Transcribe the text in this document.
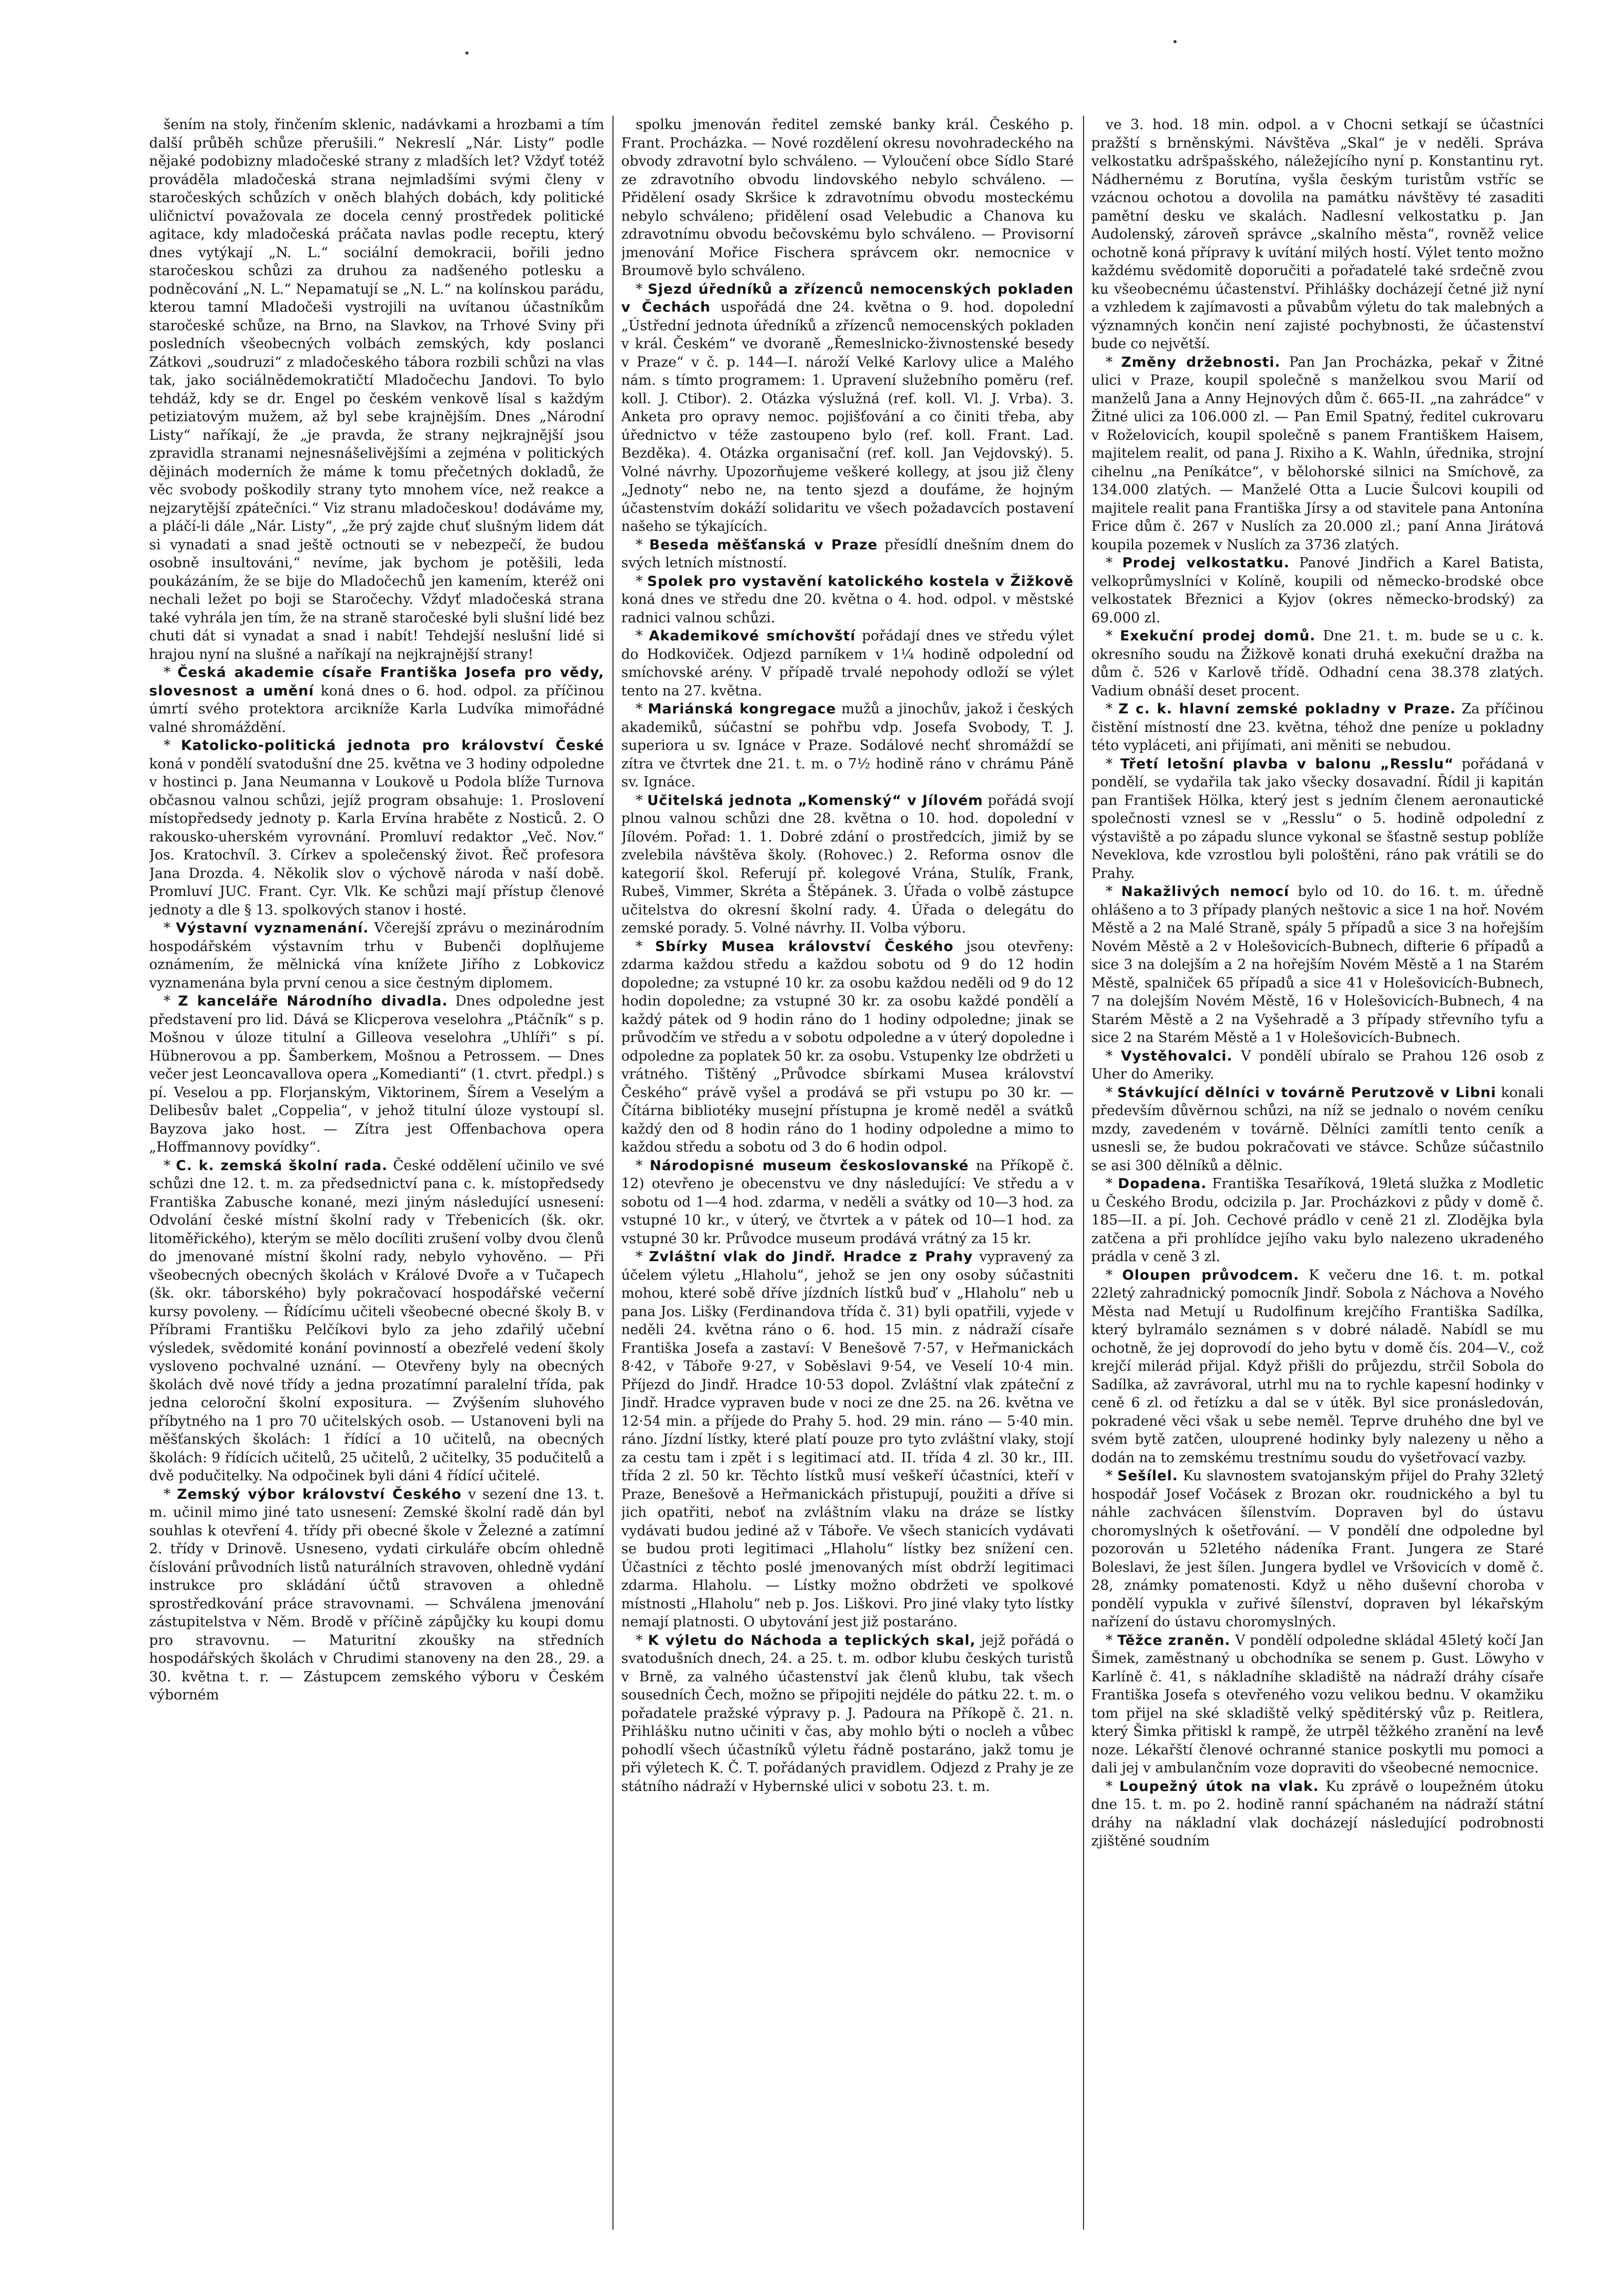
šením na stoly, řinčením sklenic, nadávkami a hrozbami a tím další průběh schůze přerušili.“ Nekreslí „Nár. Listy“ podle nějaké podobizny mladočeské strany z mladších let? Vždyť totéž prováděla mladočeská strana nejmladšími svými členy v staročeských schůzích v oněch blahých dobách, kdy politické uličnictví považovala ze docela cenný prostředek politické agitace, kdy mladočeská práčata navlas podle receptu, který dnes vytýkají „N. L.“ sociální demokracii, bořili jedno staročeskou schůzi za druhou za nadšeného potlesku a podněcování „N. L.“ Nepamatují se „N. L.“ na kolínskou parádu, kterou tamní Mladočeši vystrojili na uvítanou účastníkům staročeské schůze, na Brno, na Slavkov, na Trhové Sviny při posledních všeobecných volbách zemských, kdy poslanci Zátkovi „soudruzi“ z mladočeského tábora rozbili schůzi na vlas tak, jako sociálnědemokratičtí Mladočechu Jandovi. To bylo tehdáž, kdy se dr. Engel po českém venkově lísal s každým petiziatovým mužem, až byl sebe krajnějším. Dnes „Národní Listy“ naříkají, že „je pravda, že strany nejkrajnější jsou zpravidla stranami nejnesnášelivějšími a zejména v politických dějinách moderních že máme k tomu přečetných dokladů, že věc svobody poškodily strany tyto mnohem více, než reakce a nejzarytější zpátečníci.“ Viz stranu mladočeskou! dodáváme my, a pláčí-li dále „Nár. Listy“, „že prý zajde chuť slušným lidem dát si vynadati a snad ještě octnouti se v nebezpečí, že budou osobně insultováni,“ nevíme, jak bychom je potěšili, leda poukázáním, že se bije do Mladočechů jen kamením, kteréž oni nechali ležet po boji se Staročechy. Vždyť mladočeská strana také vyhrála jen tím, že na straně staročeské byli slušní lidé bez chuti dát si vynadat a snad i nabít! Tehdejší neslušní lidé si hrajou nyní na slušné a naříkají na nejkrajnější strany!

* Česká akademie císaře Františka Josefa pro vědy, slovesnost a umění koná dnes o 6. hod. odpol. za příčinou úmrtí svého protektora arcikníže Karla Ludvíka mimořádné valné shromáždění.

* Katolicko-politická jednota pro království České koná v pondělí svatodušní dne 25. května ve 3 hodiny odpoledne v hostinci p. Jana Neumanna v Loukově u Podola blíže Turnova občasnou valnou schůzi, jejíž program obsahuje: 1. Proslovení místopředsedy jednoty p. Karla Ervína hraběte z Nosticů. 2. O rakousko-uherském vyrovnání. Promluví redaktor „Več. Nov.“ Jos. Kratochvíl. 3. Církev a společenský život. Řeč profesora Jana Drozda. 4. Několik slov o výchově národa v naší době. Promluví JUC. Frant. Cyr. Vlk. Ke schůzi mají přístup členové jednoty a dle § 13. spolkových stanov i hosté.

* Výstavní vyznamenání. Včerejší zprávu o mezinárodním hospodářském výstavním trhu v Bubenči doplňujeme oznámením, že mělnická vína knížete Jiřího z Lobkovicz vyznamenána byla první cenou a sice čestným diplomem.

* Z kanceláře Národního divadla. Dnes odpoledne jest představení pro lid. Dává se Klicperova veselohra „Ptáčník“ s p. Mošnou v úloze titulní a Gilleova veselohra „Uhlíři“ s pí. Hübnerovou a pp. Šamberkem, Mošnou a Petrossem. — Dnes večer jest Leoncavallova opera „Komedianti“ (1. ctvrt. předpl.) s pí. Veselou a pp. Florjanským, Viktorinem, Šírem a Veselým a Delibesův balet „Coppelia“, v jehož titulní úloze vystoupí sl. Bayzova jako host. — Zítra jest Offenbachova opera „Hoffmannovy povídky“.

* C. k. zemská školní rada. České oddělení učinilo ve své schůzi dne 12. t. m. za předsednictví pana c. k. místopředsedy Františka Zabusche konané, mezi jiným následující usnesení: Odvolání české místní školní rady v Třebenicích (šk. okr. litoměřického), kterým se mělo docíliti zrušení volby dvou členů do jmenované místní školní rady, nebylo vyhověno. — Při všeobecných obecných školách v Králové Dvoře a v Tučapech (šk. okr. táborského) byly pokračovací hospodářské večerní kursy povoleny. — Řídícímu učiteli všeobecné obecné školy B. v Příbrami Františku Pelčíkovi bylo za jeho zdařilý učební výsledek, svědomité konání povinností a obezřelé vedení školy vysloveno pochvalné uznání. — Otevřeny byly na obecných školách dvě nové třídy a jedna prozatímní paralelní třída, pak jedna celoroční školní expositura. — Zvýšením sluhového příbytného na 1 pro 70 učitelských osob. — Ustanoveni byli na měšťanských školách: 1 řídící a 10 učitelů, na obecných školách: 9 řídících učitelů, 25 učitelů, 2 učitelky, 35 podučitelů a dvě podučitelky. Na odpočinek byli dáni 4 řídící učitelé.

* Zemský výbor království Českého v sezení dne 13. t. m. učinil mimo jiné tato usnesení: Zemské školní radě dán byl souhlas k otevření 4. třídy při obecné škole v Železné a zatímní 2. třídy v Drinově. Usneseno, vydati cirkuláře obcím ohledně číslování průvodních listů naturálních stravoven, ohledně vydání instrukce pro skládání účtů stravoven a ohledně sprostředkování práce stravovnami. — Schválena jmenování zástupitelstva v Něm. Brodě v příčině zápůjčky ku koupi domu pro stravovnu. — Maturitní zkoušky na středních hospodářských školách v Chrudimi stanoveny na den 28., 29. a 30. května t. r. — Zástupcem zemského výboru v Českém výborném

spolku jmenován ředitel zemské banky král. Českého p. Frant. Procházka. — Nové rozdělení okresu novohradeckého na obvody zdravotní bylo schváleno. — Vyloučení obce Sídlo Staré ze zdravotního obvodu lindovského nebylo schváleno. — Přidělení osady Skršice k zdravotnímu obvodu mosteckému nebylo schváleno; přidělení osad Velebudic a Chanova ku zdravotnímu obvodu bečovskému bylo schváleno. — Provisorní jmenování Mořice Fischera správcem okr. nemocnice v Broumově bylo schváleno.

* Sjezd úředníků a zřízenců nemocenských pokladen v Čechách uspořádá dne 24. května o 9. hod. dopolední „Ústřední jednota úředníků a zřízenců nemocenských pokladen v král. Českém“ ve dvoraně „Řemeslnicko-živnostenské besedy v Praze“ v č. p. 144—I. nároží Velké Karlovy ulice a Malého nám. s tímto programem: 1. Upravení služebního poměru (ref. koll. J. Ctibor). 2. Otázka výslužná (ref. koll. Vl. J. Vrba). 3. Anketa pro opravy nemoc. pojišťování a co činiti třeba, aby úřednictvo v téže zastoupeno bylo (ref. koll. Frant. Lad. Bezděka). 4. Otázka organisační (ref. koll. Jan Vejdovský). 5. Volné návrhy. Upozorňujeme veškeré kollegy, at jsou již členy „Jednoty“ nebo ne, na tento sjezd a doufáme, že hojným účastenstvím dokáží solidaritu ve všech požadavcích postavení našeho se týkajících.

* Beseda měšťanská v Praze přesídlí dnešním dnem do svých letních místností.

* Spolek pro vystavění katolického kostela v Žižkově koná dnes ve středu dne 20. května o 4. hod. odpol. v městské radnici valnou schůzi.

* Akademikové smíchovští pořádají dnes ve středu výlet do Hodkoviček. Odjezd parníkem v 1¼ hodině odpolední od smíchovské arény. V případě trvalé nepohody odloží se výlet tento na 27. května.

* Mariánská kongregace mužů a jinochův, jakož i českých akademiků, súčastní se pohřbu vdp. Josefa Svobody, T. J. superiora u sv. Ignáce v Praze. Sodálové nechť shromáždí se zítra ve čtvrtek dne 21. t. m. o 7½ hodině ráno v chrámu Páně sv. Ignáce.

* Učitelská jednota „Komenský“ v Jílovém pořádá svojí plnou valnou schůzi dne 28. května o 10. hod. dopolední v Jílovém. Pořad: 1. 1. Dobré zdání o prostředcích, jimiž by se zvelebila návštěva školy. (Rohovec.) 2. Reforma osnov dle kategorií škol. Referují př. kolegové Vrána, Stulík, Frank, Rubeš, Vimmer, Skréta a Štěpánek. 3. Úřada o volbě zástupce učitelstva do okresní školní rady. 4. Úřada o delegátu do zemské porady. 5. Volné návrhy. II. Volba výboru.

* Sbírky Musea království Českého jsou otevřeny: zdarma každou středu a každou sobotu od 9 do 12 hodin dopoledne; za vstupné 10 kr. za osobu každou neděli od 9 do 12 hodin dopoledne; za vstupné 30 kr. za osobu každé pondělí a každý pátek od 9 hodin ráno do 1 hodiny odpoledne; jinak se průvodčím ve středu a v sobotu odpoledne a v úterý dopoledne i odpoledne za poplatek 50 kr. za osobu. Vstupenky lze obdržeti u vrátného. Tištěný „Průvodce sbírkami Musea království Českého“ právě vyšel a prodává se při vstupu po 30 kr. — Čítárna bibliotéky musejní přístupna je kromě neděl a svátků každý den od 8 hodin ráno do 1 hodiny odpoledne a mimo to každou středu a sobotu od 3 do 6 hodin odpol.

* Národopisné museum českoslovanské na Příkopě č. 12) otevřeno je obecenstvu ve dny následující: Ve středu a v sobotu od 1—4 hod. zdarma, v neděli a svátky od 10—3 hod. za vstupné 10 kr., v úterý, ve čtvrtek a v pátek od 10—1 hod. za vstupné 30 kr. Průvodce museum prodává vrátný za 15 kr.

* Zvláštní vlak do Jindř. Hradce z Prahy vypravený za účelem výletu „Hlaholu“, jehož se jen ony osoby súčastniti mohou, které sobě dříve jízdních lístků buď v „Hlaholu“ neb u pana Jos. Lišky (Ferdinandova třída č. 31) byli opatřili, vyjede v neděli 24. května ráno o 6. hod. 15 min. z nádraží císaře Františka Josefa a zastaví: V Benešově 7·57, v Heřmanickách 8·42, v Táboře 9·27, v Soběslavi 9·54, ve Veselí 10·4 min. Příjezd do Jindř. Hradce 10·53 dopol. Zvláštní vlak zpáteční z Jindř. Hradce vypraven bude v noci ze dne 25. na 26. května ve 12·54 min. a příjede do Prahy 5. hod. 29 min. ráno — 5·40 min. ráno. Jízdní lístky, které platí pouze pro tyto zvláštní vlaky, stojí za cestu tam i zpět i s legitimací atd. II. třída 4 zl. 30 kr., III. třída 2 zl. 50 kr. Těchto lístků musí veškeří účastníci, kteří v Praze, Benešově a Heřmanickách přistupují, použiti a dříve si jich opatřiti, neboť na zvláštním vlaku na dráze se lístky vydávati budou jediné až v Táboře. Ve všech stanicích vydávati se budou proti legitimaci „Hlaholu“ lístky bez snížení cen. Účastníci z těchto poslé jmenovaných míst obdrží legitimaci zdarma. Hlaholu. — Lístky možno obdržeti ve spolkové místnosti „Hlaholu“ neb p. Jos. Liškovi. Pro jiné vlaky tyto lístky nemají platnosti. O ubytování jest již postaráno.

* K výletu do Náchoda a teplických skal, jejž pořádá o svatodušních dnech, 24. a 25. t. m. odbor klubu českých turistů v Brně, za valného účastenství jak členů klubu, tak všech sousedních Čech, možno se připojiti nejdéle do pátku 22. t. m. o pořadatele pražské výpravy p. J. Padoura na Příkopě č. 21. n. Přihlášku nutno učiniti v čas, aby mohlo býti o nocleh a vůbec pohodlí všech účastníků výletu řádně postaráno, jakž tomu je při výletech K. Č. T. pořádaných pravidlem. Odjezd z Prahy je ze státního nádraží v Hybernské ulici v sobotu 23. t. m.

ve 3. hod. 18 min. odpol. a v Chocni setkají se účastníci pražští s brněnskými. Návštěva „Skal“ je v neděli. Správa velkostatku adršpašského, náležejícího nyní p. Konstantinu ryt. Nádhernému z Borutína, vyšla českým turistům vstříc se vzácnou ochotou a dovolila na památku návštěvy té zasaditi pamětní desku ve skalách. Nadlesní velkostatku p. Jan Audolenský, zároveň správce „skalního města“, rovněž velice ochotně koná přípravy k uvítání milých hostí. Výlet tento možno každému svědomitě doporučiti a pořadatelé také srdečně zvou ku všeobecnému účastenství. Přihlášky docházejí četné již nyní a vzhledem k zajímavosti a půvabům výletu do tak malebných a významných končin není zajisté pochybnosti, že účastenství bude co největší.

* Změny držebnosti. Pan Jan Procházka, pekař v Žitné ulici v Praze, koupil společně s manželkou svou Marií od manželů Jana a Anny Hejnových dům č. 665-II. „na zahrádce“ v Žitné ulici za 106.000 zl. — Pan Emil Spatný, ředitel cukrovaru v Roželovicích, koupil společně s panem Františkem Haisem, majitelem realit, od pana J. Rixiho a K. Wahln, úřednika, strojní cihelnu „na Peníkátce“, v bělohorské silnici na Smíchově, za 134.000 zlatých. — Manželé Otta a Lucie Šulcovi koupili od majitele realit pana Františka Jírsy a od stavitele pana Antonína Frice dům č. 267 v Nuslích za 20.000 zl.; paní Anna Jirátová koupila pozemek v Nuslích za 3736 zlatých.

* Prodej velkostatku. Panové Jindřich a Karel Batista, velkoprůmyslníci v Kolíně, koupili od německo-brodské obce velkostatek Březnici a Kyjov (okres německo-brodský) za 69.000 zl.

* Exekuční prodej domů. Dne 21. t. m. bude se u c. k. okresního soudu na Žižkově konati druhá exekuční dražba na dům č. 526 v Karlově třídě. Odhadní cena 38.378 zlatých. Vadium obnáší deset procent.

* Z c. k. hlavní zemské pokladny v Praze. Za příčinou čistění místností dne 23. května, téhož dne peníze u pokladny této vypláceti, ani přijímati, ani měniti se nebudou.

* Třetí letošní plavba v balonu „Resslu“ pořádaná v pondělí, se vydařila tak jako všecky dosavadní. Řídil ji kapitán pan František Hölka, který jest s jedním členem aeronautické společnosti vznesl se v „Resslu“ o 5. hodině odpolední z výstaviště a po západu slunce vykonal se šťastně sestup poblíže Neveklova, kde vzrostlou byli pološtěni, ráno pak vrátili se do Prahy.

* Nakažlivých nemocí bylo od 10. do 16. t. m. úředně ohlášeno a to 3 případy planých neštovic a sice 1 na hoř. Novém Městě a 2 na Malé Straně, spály 5 případů a sice 3 na hořejším Novém Městě a 2 v Holešovicích-Bubnech, difterie 6 případů a sice 3 na dolejším a 2 na hořejším Novém Městě a 1 na Starém Městě, spalniček 65 případů a sice 41 v Holešovicích-Bubnech, 7 na dolejším Novém Městě, 16 v Holešovicích-Bubnech, 4 na Starém Městě a 2 na Vyšehradě a 3 případy střevního tyfu a sice 2 na Starém Městě a 1 v Holešovicích-Bubnech.

* Vystěhovalci. V pondělí ubíralo se Prahou 126 osob z Uher do Ameriky.

* Stávkující dělníci v továrně Perutzově v Libni konali především důvěrnou schůzi, na níž se jednalo o novém ceníku mzdy, zavedeném v továrně. Dělníci zamítli tento ceník a usnesli se, že budou pokračovati ve stávce. Schůze súčastnilo se asi 300 dělníků a dělnic.

* Dopadena. Františka Tesaříková, 19letá služka z Modletic u Českého Brodu, odcizila p. Jar. Procházkovi z půdy v domě č. 185—II. a pí. Joh. Cechové prádlo v ceně 21 zl. Zlodějka byla zatčena a při prohlídce jejího vaku bylo nalezeno ukradeného prádla v ceně 3 zl.

* Oloupen průvodcem. K večeru dne 16. t. m. potkal 22letý zahradnický pomocník Jindř. Sobola z Náchova a Nového Města nad Metují u Rudolfinum krejčího Františka Sadílka, který bylramálo seznámen s v dobré náladě. Nabídl se mu ochotně, že jej doprovodí do jeho bytu v domě čís. 204—V., což krejčí milerád přijal. Když přišli do průjezdu, strčil Sobola do Sadílka, až zavrávoral, utrhl mu na to rychle kapesní hodinky v ceně 6 zl. od řetízku a dal se v útěk. Byl sice pronásledován, pokradené věci však u sebe neměl. Teprve druhého dne byl ve svém bytě zatčen, ulouprené hodinky byly nalezeny u něho a dodán na to zemskému trestnímu soudu do vyšetřovací vazby.

* Sešílel. Ku slavnostem svatojanským přijel do Prahy 32letý hospodář Josef Vočásek z Brozan okr. roudnického a byl tu náhle zachvácen šílenstvím. Dopraven byl do ústavu choromyslných k ošetřování. — V pondělí dne odpoledne byl pozorován u 52letého nádeníka Frant. Jungera ze Staré Boleslavi, že jest šílen. Jungera bydlel ve Vršovicích v domě č. 28, známky pomatenosti. Když u něho duševní choroba v pondělí vypukla v zuřivé šílenství, dopraven byl lékařským nařízení do ústavu choromyslných.

* Těžce zraněn. V pondělí odpoledne skládal 45letý kočí Jan Šimek, zaměstnaný u obchodníka se senem p. Gust. Löwyho v Karlíně č. 41, s nákladníhe skladiště na nádraží dráhy císaře Františka Josefa s otevřeného vozu velikou bednu. V okamžiku tom přijel na ské skladiště velký spěditérský vůz p. Reitlera, který Šimka přitiskl k rampě, že utrpěl těžkého zranění na levé noze. Lékařští členové ochranné stanice poskytli mu pomoci a dali jej v ambulančním voze dopraviti do všeobecné nemocnice.

* Loupežný útok na vlak. Ku zprávě o loupežném útoku dne 15. t. m. po 2. hodině ranní spáchaném na nádraží státní dráhy na nákladní vlak docházejí následující podrobnosti zjištěné soudním
